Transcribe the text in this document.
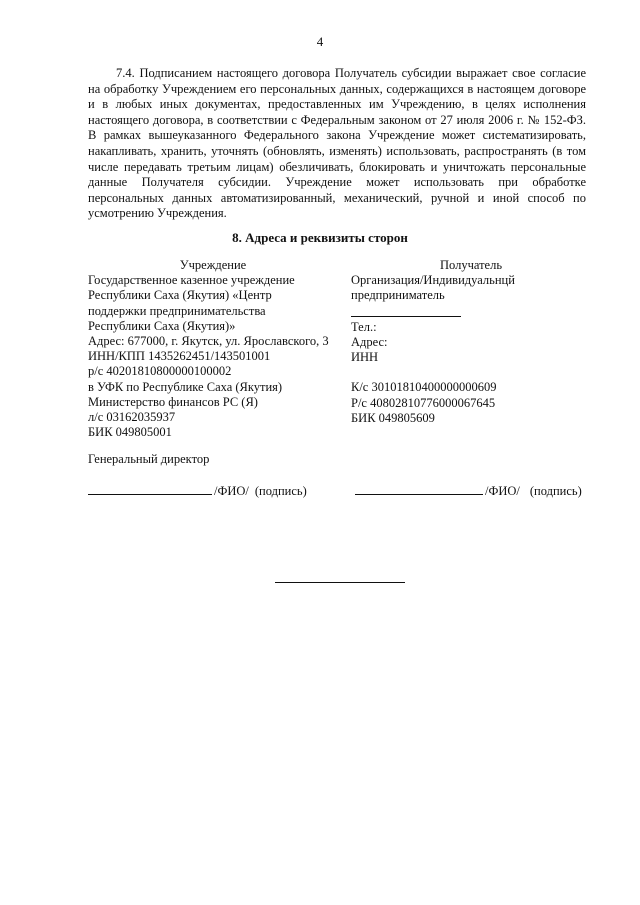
4

7.4. Подписанием настоящего договора Получатель субсидии выражает свое согласие на обработку Учреждением его персональных данных, содержащихся в настоящем договоре и в любых иных документах, предоставленных им Учреждению, в целях исполнения настоящего договора, в соответствии с Федеральным законом от 27 июля 2006 г. № 152-ФЗ. В рамках вышеуказанного Федерального закона Учреждение может систематизировать, накапливать, хранить, уточнять (обновлять, изменять) использовать, распространять (в том числе передавать третьим лицам) обезличивать, блокировать и уничтожать персональные данные Получателя субсидии. Учреждение может использовать при обработке персональных данных автоматизированный, механический, ручной и иной способ по усмотрению Учреждения.

8. Адреса и реквизиты сторон
Учреждение
Государственное казенное учреждение
Республики Саха (Якутия) «Центр
поддержки предпринимательства
Республики Саха (Якутия)»
Адрес: 677000, г. Якутск, ул. Ярославского, 3
ИНН/КПП 1435262451/143501001
р/с 40201810800000100002
в УФК по Республике Саха (Якутия)
Министерство финансов РС (Я)
л/с 03162035937
БИК 049805001
Получатель
Организация/Индивидуальнцй
предприниматель
Тел.:
Адрес:
ИНН
К/с 30101810400000000609
Р/с 40802810776000067645
БИК 049805609
Генеральный директор
/ФИО/ (подпись)	/ФИО/ (подпись)
